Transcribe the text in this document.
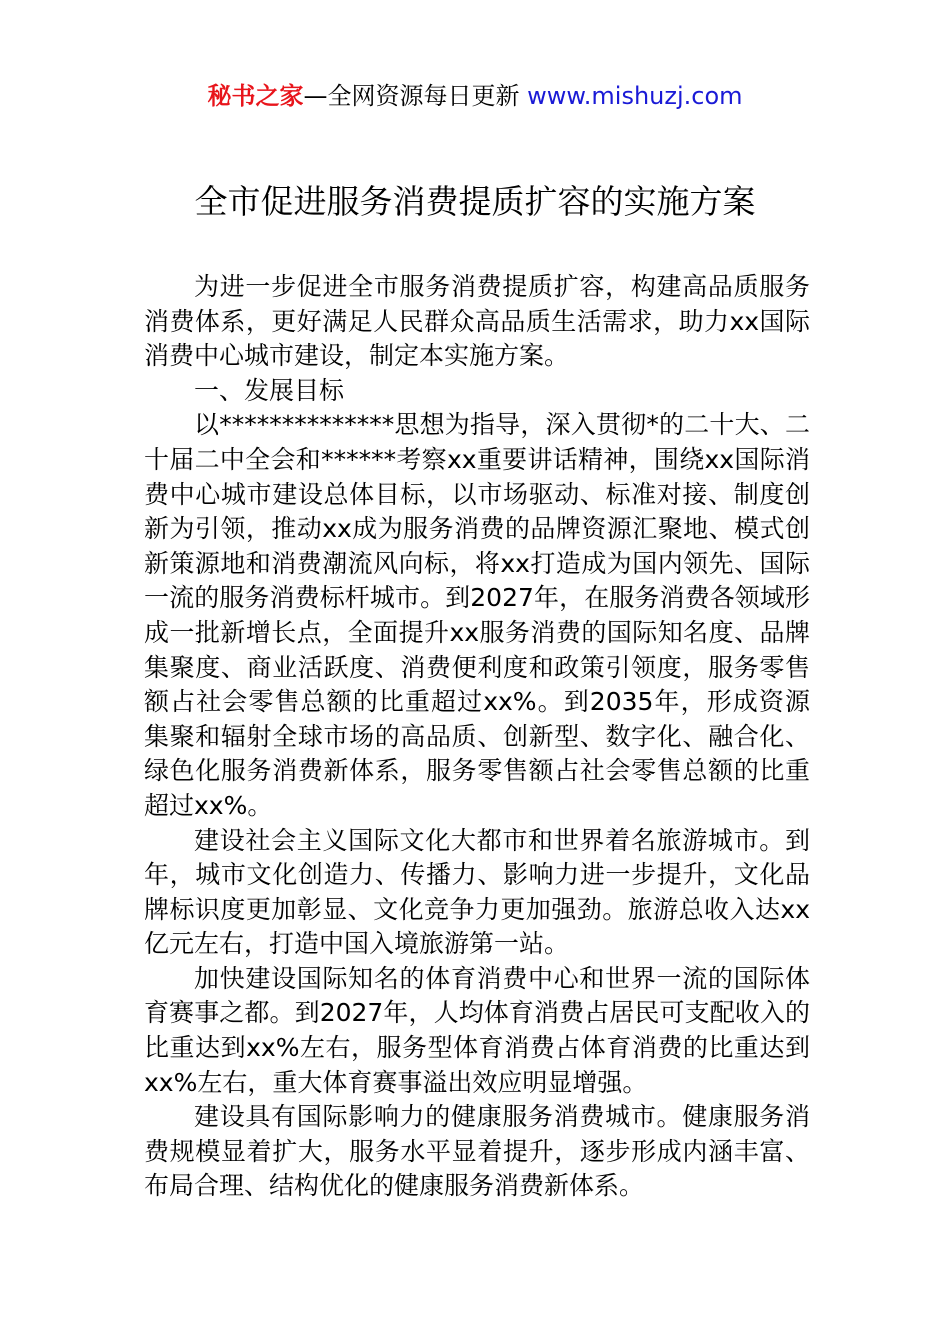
秘书之家—全网资源每日更新 www.mishuzj.com
全市促进服务消费提质扩容的实施方案

为进一步促进全市服务消费提质扩容，构建高品质服务消费体系，更好满足人民群众高品质生活需求，助力xx国际消费中心城市建设，制定本实施方案。

一、发展目标

以**************思想为指导，深入贯彻*的二十大、二十届二中全会和******考察xx重要讲话精神，围绕xx国际消费中心城市建设总体目标，以市场驱动、标准对接、制度创新为引领，推动xx成为服务消费的品牌资源汇聚地、模式创新策源地和消费潮流风向标，将xx打造成为国内领先、国际一流的服务消费标杆城市。到2027年，在服务消费各领域形成一批新增长点，全面提升xx服务消费的国际知名度、品牌集聚度、商业活跃度、消费便利度和政策引领度，服务零售额占社会零售总额的比重超过xx%。到2035年，形成资源集聚和辐射全球市场的高品质、创新型、数字化、融合化、绿色化服务消费新体系，服务零售额占社会零售总额的比重超过xx%。

建设社会主义国际文化大都市和世界着名旅游城市。到年，城市文化创造力、传播力、影响力进一步提升，文化品牌标识度更加彰显、文化竞争力更加强劲。旅游总收入达xx亿元左右，打造中国入境旅游第一站。

加快建设国际知名的体育消费中心和世界一流的国际体育赛事之都。到2027年，人均体育消费占居民可支配收入的比重达到xx%左右，服务型体育消费占体育消费的比重达到xx%左右，重大体育赛事溢出效应明显增强。

建设具有国际影响力的健康服务消费城市。健康服务消费规模显着扩大，服务水平显着提升，逐步形成内涵丰富、布局合理、结构优化的健康服务消费新体系。
